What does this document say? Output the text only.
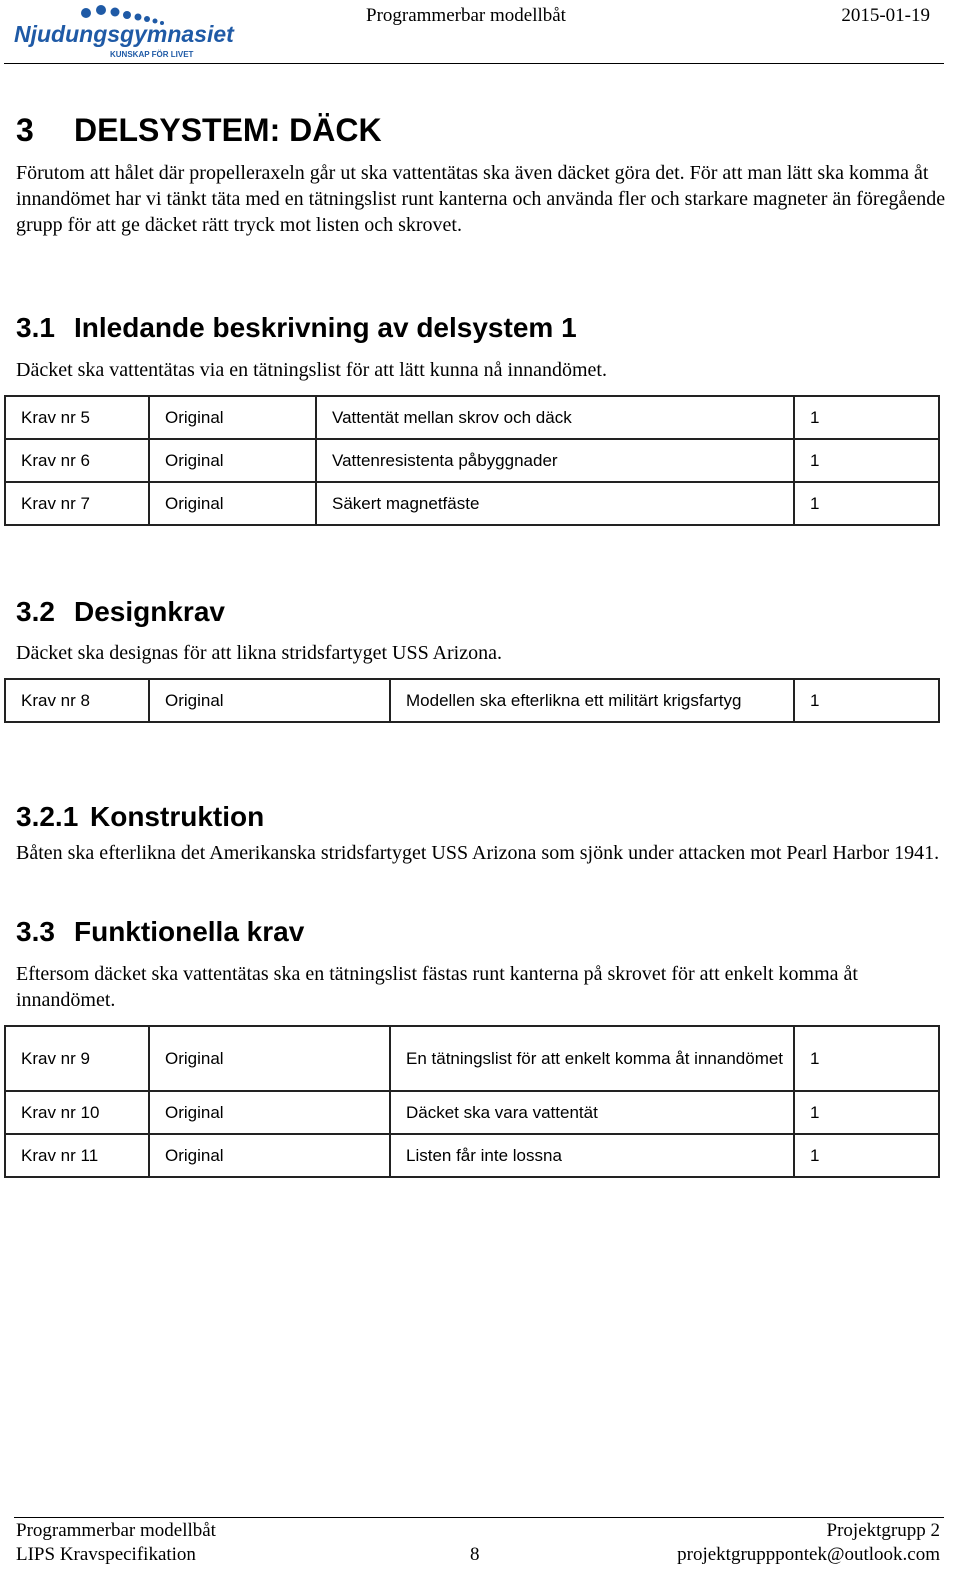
Njudungsgymnasiet
KUNSKAP FÖR LIVET
Programmerbar modellbåt	2015-01-19
3 DELSYSTEM: DÄCK
Förutom att hålet där propelleraxeln går ut ska vattentätas ska även däcket göra det. För att man lätt ska komma åt innandömet har vi tänkt täta med en tätningslist runt kanterna och använda fler och starkare magneter än föregående grupp för att ge däcket rätt tryck mot listen och skrovet.
3.1 Inledande beskrivning av delsystem 1
Däcket ska vattentätas via en tätningslist för att lätt kunna nå innandömet.
Krav nr 5	Original	Vattentät mellan skrov och däck	1
Krav nr 6	Original	Vattenresistenta påbyggnader	1
Krav nr 7	Original	Säkert magnetfäste	1
3.2 Designkrav
Däcket ska designas för att likna stridsfartyget USS Arizona.
Krav nr 8	Original	Modellen ska efterlikna ett militärt krigsfartyg	1
3.2.1 Konstruktion
Båten ska efterlikna det Amerikanska stridsfartyget USS Arizona som sjönk under attacken mot Pearl Harbor 1941.
3.3 Funktionella krav
Eftersom däcket ska vattentätas ska en tätningslist fästas runt kanterna på skrovet för att enkelt komma åt innandömet.
Krav nr 9	Original	En tätningslist för att enkelt komma åt innandömet	1
Krav nr 10	Original	Däcket ska vara vattentät	1
Krav nr 11	Original	Listen får inte lossna	1
Programmerbar modellbåt
LIPS Kravspecifikation	8
Projektgrupp 2
projektgrupppontek@outlook.com
